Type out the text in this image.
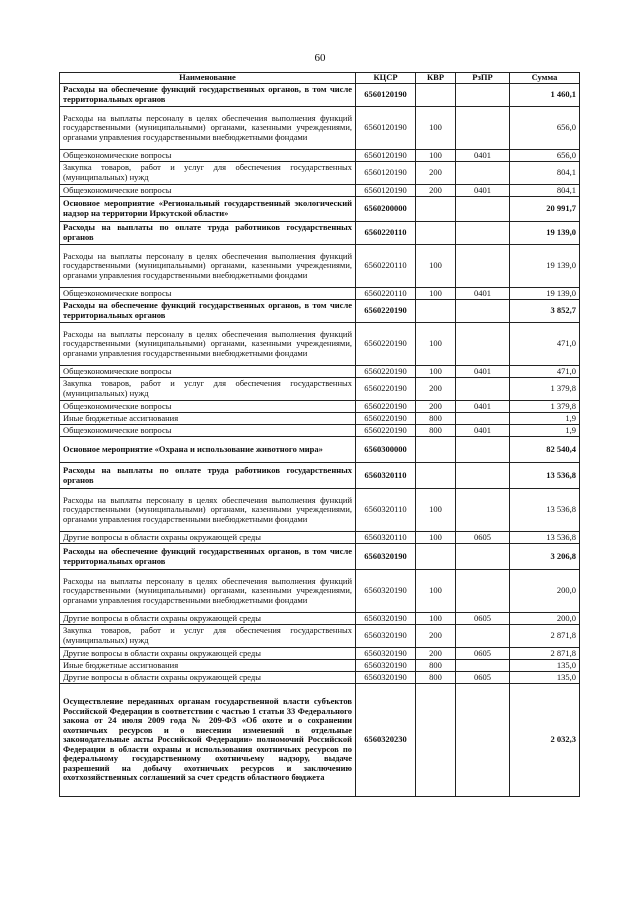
60
Наименование	КЦСР	КВР	РзПР	Сумма
Расходы на обеспечение функций государственных органов, в том числе территориальных органов	6560120190			1 460,1
Расходы на выплаты персоналу в целях обеспечения выполнения функций государственными (муниципальными) органами, казенными учреждениями, органами управления государственными внебюджетными фондами	6560120190	100		656,0
Общеэкономические вопросы	6560120190	100	0401	656,0
Закупка товаров, работ и услуг для обеспечения государственных (муниципальных) нужд	6560120190	200		804,1
Общеэкономические вопросы	6560120190	200	0401	804,1
Основное мероприятие «Региональный государственный экологический надзор на территории Иркутской области»	6560200000			20 991,7
Расходы на выплаты по оплате труда работников государственных органов	6560220110			19 139,0
Расходы на выплаты персоналу в целях обеспечения выполнения функций государственными (муниципальными) органами, казенными учреждениями, органами управления государственными внебюджетными фондами	6560220110	100		19 139,0
Общеэкономические вопросы	6560220110	100	0401	19 139,0
Расходы на обеспечение функций государственных органов, в том числе территориальных органов	6560220190			3 852,7
Расходы на выплаты персоналу в целях обеспечения выполнения функций государственными (муниципальными) органами, казенными учреждениями, органами управления государственными внебюджетными фондами	6560220190	100		471,0
Общеэкономические вопросы	6560220190	100	0401	471,0
Закупка товаров, работ и услуг для обеспечения государственных (муниципальных) нужд	6560220190	200		1 379,8
Общеэкономические вопросы	6560220190	200	0401	1 379,8
Иные бюджетные ассигнования	6560220190	800		1,9
Общеэкономические вопросы	6560220190	800	0401	1,9
Основное мероприятие «Охрана и использование животного мира»	6560300000			82 540,4
Расходы на выплаты по оплате труда работников государственных органов	6560320110			13 536,8
Расходы на выплаты персоналу в целях обеспечения выполнения функций государственными (муниципальными) органами, казенными учреждениями, органами управления государственными внебюджетными фондами	6560320110	100		13 536,8
Другие вопросы в области охраны окружающей среды	6560320110	100	0605	13 536,8
Расходы на обеспечение функций государственных органов, в том числе территориальных органов	6560320190			3 206,8
Расходы на выплаты персоналу в целях обеспечения выполнения функций государственными (муниципальными) органами, казенными учреждениями, органами управления государственными внебюджетными фондами	6560320190	100		200,0
Другие вопросы в области охраны окружающей среды	6560320190	100	0605	200,0
Закупка товаров, работ и услуг для обеспечения государственных (муниципальных) нужд	6560320190	200		2 871,8
Другие вопросы в области охраны окружающей среды	6560320190	200	0605	2 871,8
Иные бюджетные ассигнования	6560320190	800		135,0
Другие вопросы в области охраны окружающей среды	6560320190	800	0605	135,0
Осуществление переданных органам государственной власти субъектов Российской Федерации в соответствии с частью 1 статьи 33 Федерального закона от 24 июля 2009 года № 209-ФЗ «Об охоте и о сохранении охотничьих ресурсов и о внесении изменений в отдельные законодательные акты Российской Федерации» полномочий Российской Федерации в области охраны и использования охотничьих ресурсов по федеральному государственному охотничьему надзору, выдаче разрешений на добычу охотничьих ресурсов и заключению охотхозяйственных соглашений за счет средств областного бюджета	6560320230			2 032,3
